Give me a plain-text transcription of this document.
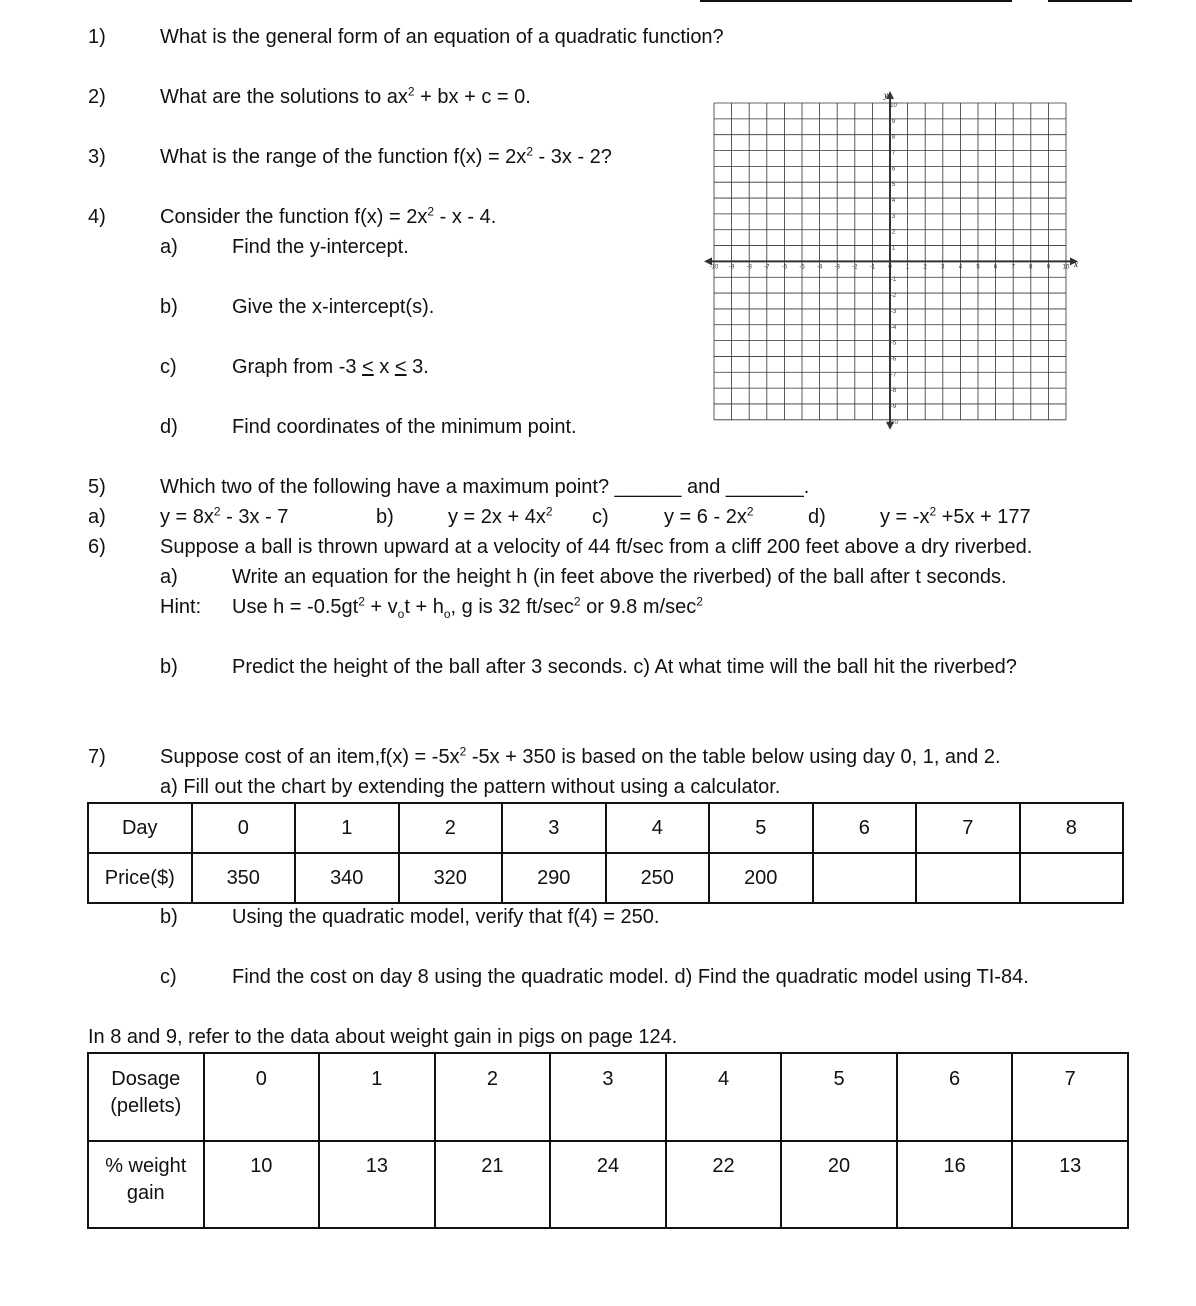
1)	What is the general form of an equation of a quadratic function?
2)	What are the solutions to $ax^2$ + bx + c = 0.
3)	What is the range of the function $f(x) = 2x^2 - 3x - 2$?
4)	Consider the function $f(x) = 2x^2 - x - 4$.
a)	Find the y-intercept.
b)	Give the x-intercept(s).
c)	Graph from -3 < x < 3.
d)	Find coordinates of the minimum point.
-10 -9 -8 -7 -6 -5 -4 -3 -2 -1 0 1 2 3 4 5 6 7 8 9 10
10
9
8
7
6
5
4
3
2
1
-1
-2
-3
-4
-5
-6
-7
-8
-9
-10
y
x
5)	Which two of the following have a maximum point? ______ and _______.
a)	$y = 8x^2 - 3x - 7$	b)	$y = 2x + 4x^2$ c)	$y = 6 - 2x^2$	d)	$y = -x^2 +5x + 177$
6)	Suppose a ball is thrown upward at a velocity of 44 ft/sec from a cliff 200 feet above a dry riverbed.
a)	Write an equation for the height h (in feet above the riverbed) of the ball after t seconds.
Hint: Use $h = -0.5gt^2 + v_ot + h_o$, g is 32 $ft/\sec^2$ or 9.8 $m/\sec^2$
b)	Predict the height of the ball after 3 seconds. c) At what time will the ball hit the riverbed?
7)	Suppose cost of an item,f(x) = $-5x^2$ -5x + 350 is based on the table below using day 0, 1, and 2.
a) Fill out the chart by extending the pattern without using a calculator.
Day	0	1	2	3	4	5	6	7	8
Price($)	350	340	320	290	250	200			
b)	Using the quadratic model, verify that f(4) = 250.
c)	Find the cost on day 8 using the quadratic model. d) Find the quadratic model using TI-84.
In 8 and 9, refer to the data about weight gain in pigs on page 124.
Dosage
(pellets)	0	1	2	3	4	5	6	7
% weight
gain	10	13	21	24	22	20	16	13
